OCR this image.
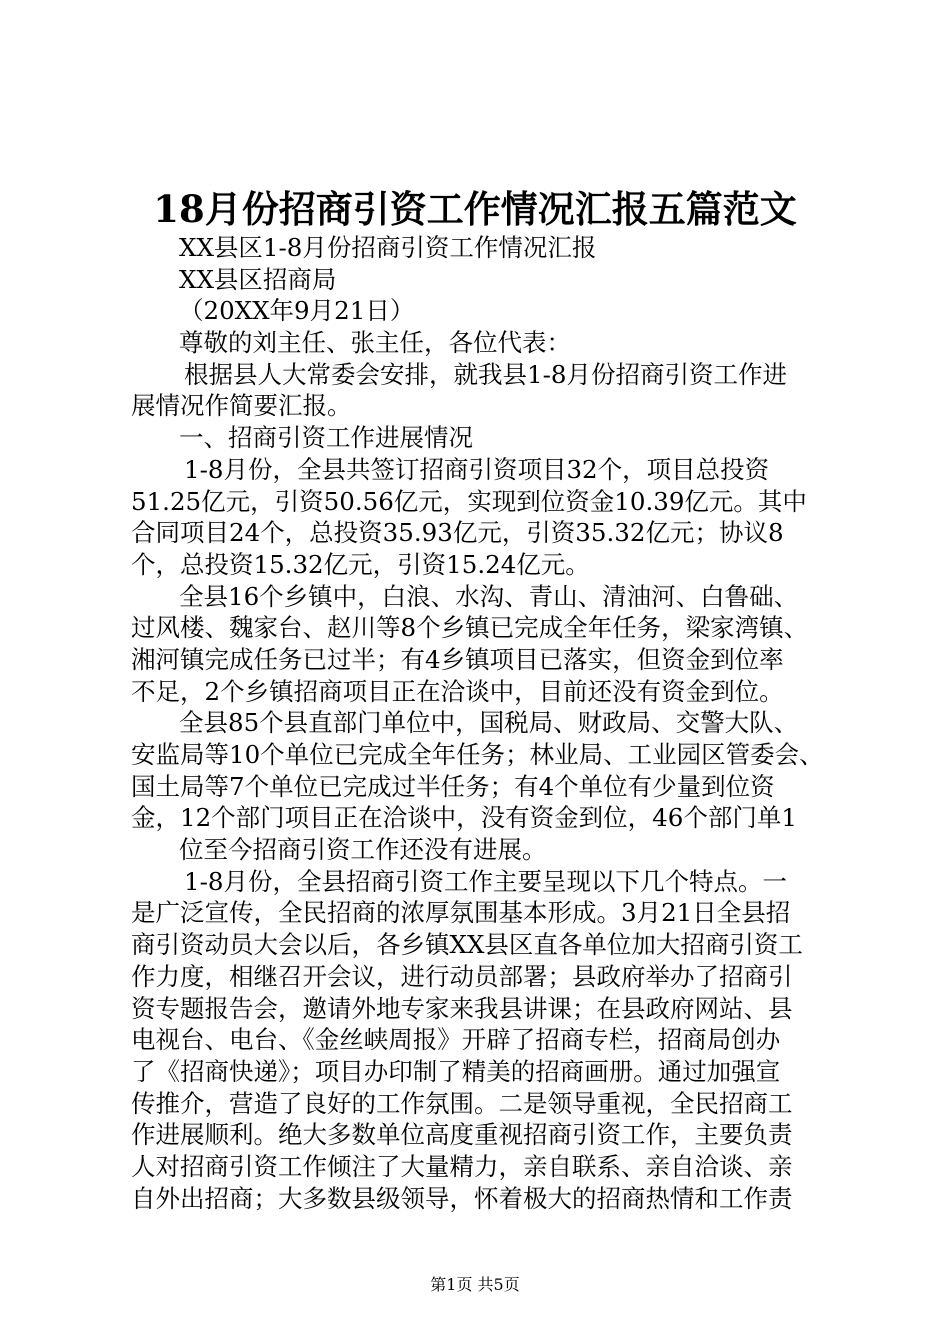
18月份招商引资工作情况汇报五篇范文
XX县区1-8月份招商引资工作情况汇报
XX县区招商局
（20XX年9月21日）
尊敬的刘主任、张主任，各位代表：
根据县人大常委会安排，就我县1-8月份招商引资工作进
展情况作简要汇报。
一、招商引资工作进展情况
1-8月份，全县共签订招商引资项目32个，项目总投资
51.25亿元，引资50.56亿元，实现到位资金10.39亿元。其中
合同项目24个，总投资35.93亿元，引资35.32亿元；协议8
个，总投资15.32亿元，引资15.24亿元。
全县16个乡镇中，白浪、水沟、青山、清油河、白鲁础、
过风楼、魏家台、赵川等8个乡镇已完成全年任务，梁家湾镇、
湘河镇完成任务已过半；有4乡镇项目已落实，但资金到位率
不足，2个乡镇招商项目正在洽谈中，目前还没有资金到位。
全县85个县直部门单位中，国税局、财政局、交警大队、
安监局等10个单位已完成全年任务；林业局、工业园区管委会、
国土局等7个单位已完成过半任务；有4个单位有少量到位资
金，12个部门项目正在洽谈中，没有资金到位，46个部门单1
位至今招商引资工作还没有进展。
1-8月份，全县招商引资工作主要呈现以下几个特点。一
是广泛宣传，全民招商的浓厚氛围基本形成。3月21日全县招
商引资动员大会以后，各乡镇XX县区直各单位加大招商引资工
作力度，相继召开会议，进行动员部署；县政府举办了招商引
资专题报告会，邀请外地专家来我县讲课；在县政府网站、县
电视台、电台、《金丝峡周报》开辟了招商专栏，招商局创办
了《招商快递》；项目办印制了精美的招商画册。通过加强宣
传推介，营造了良好的工作氛围。二是领导重视，全民招商工
作进展顺利。绝大多数单位高度重视招商引资工作，主要负责
人对招商引资工作倾注了大量精力，亲自联系、亲自洽谈、亲
自外出招商；大多数县级领导，怀着极大的招商热情和工作责
第1页 共5页
